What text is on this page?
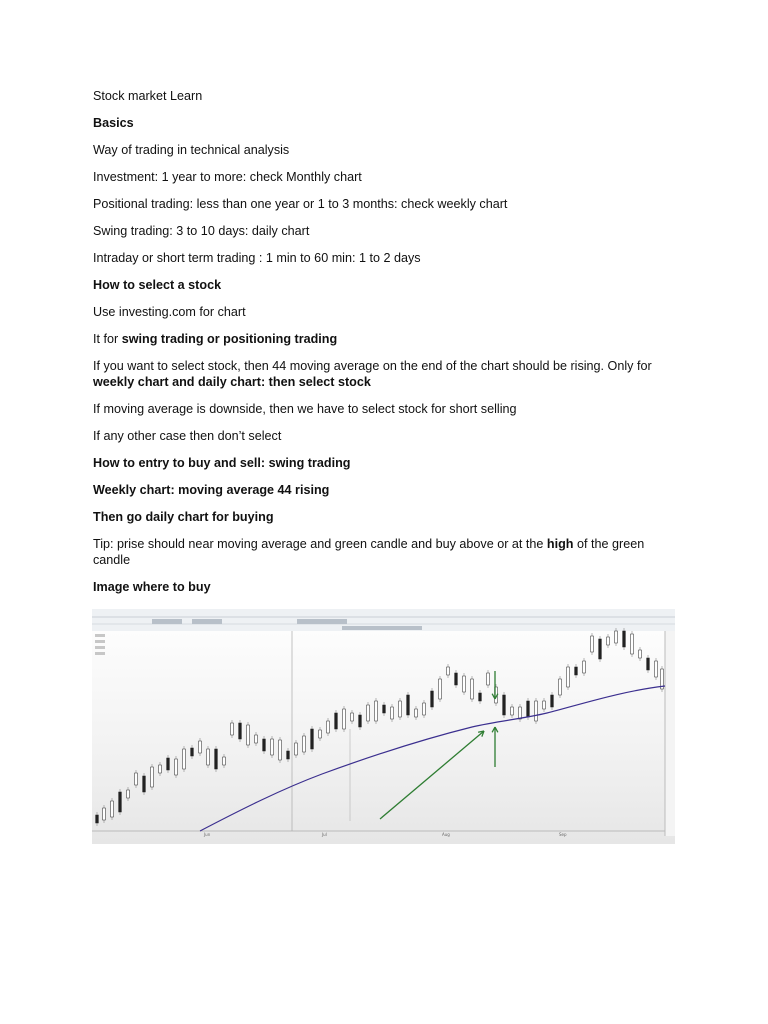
Stock market Learn

Basics

Way of trading in technical analysis

Investment: 1 year to more: check Monthly chart

Positional trading: less than one year or 1 to 3 months: check weekly chart

Swing trading: 3 to 10 days: daily chart

Intraday or short term trading : 1 min to 60 min: 1 to 2 days

How to select a stock

Use investing.com for chart

It for swing trading or positioning trading

If you want to select stock, then 44 moving average on the end of the chart should be rising. Only for weekly chart and daily chart: then select stock

If moving average is downside, then we have to select stock for short selling

If any other case then don’t select

How to entry to buy and sell: swing trading

Weekly chart: moving average 44 rising

Then go daily chart for buying

Tip: prise should near moving average and green candle and buy above or at the high of the green candle

Image where to buy

Jun	Jul	Aug	Sep
